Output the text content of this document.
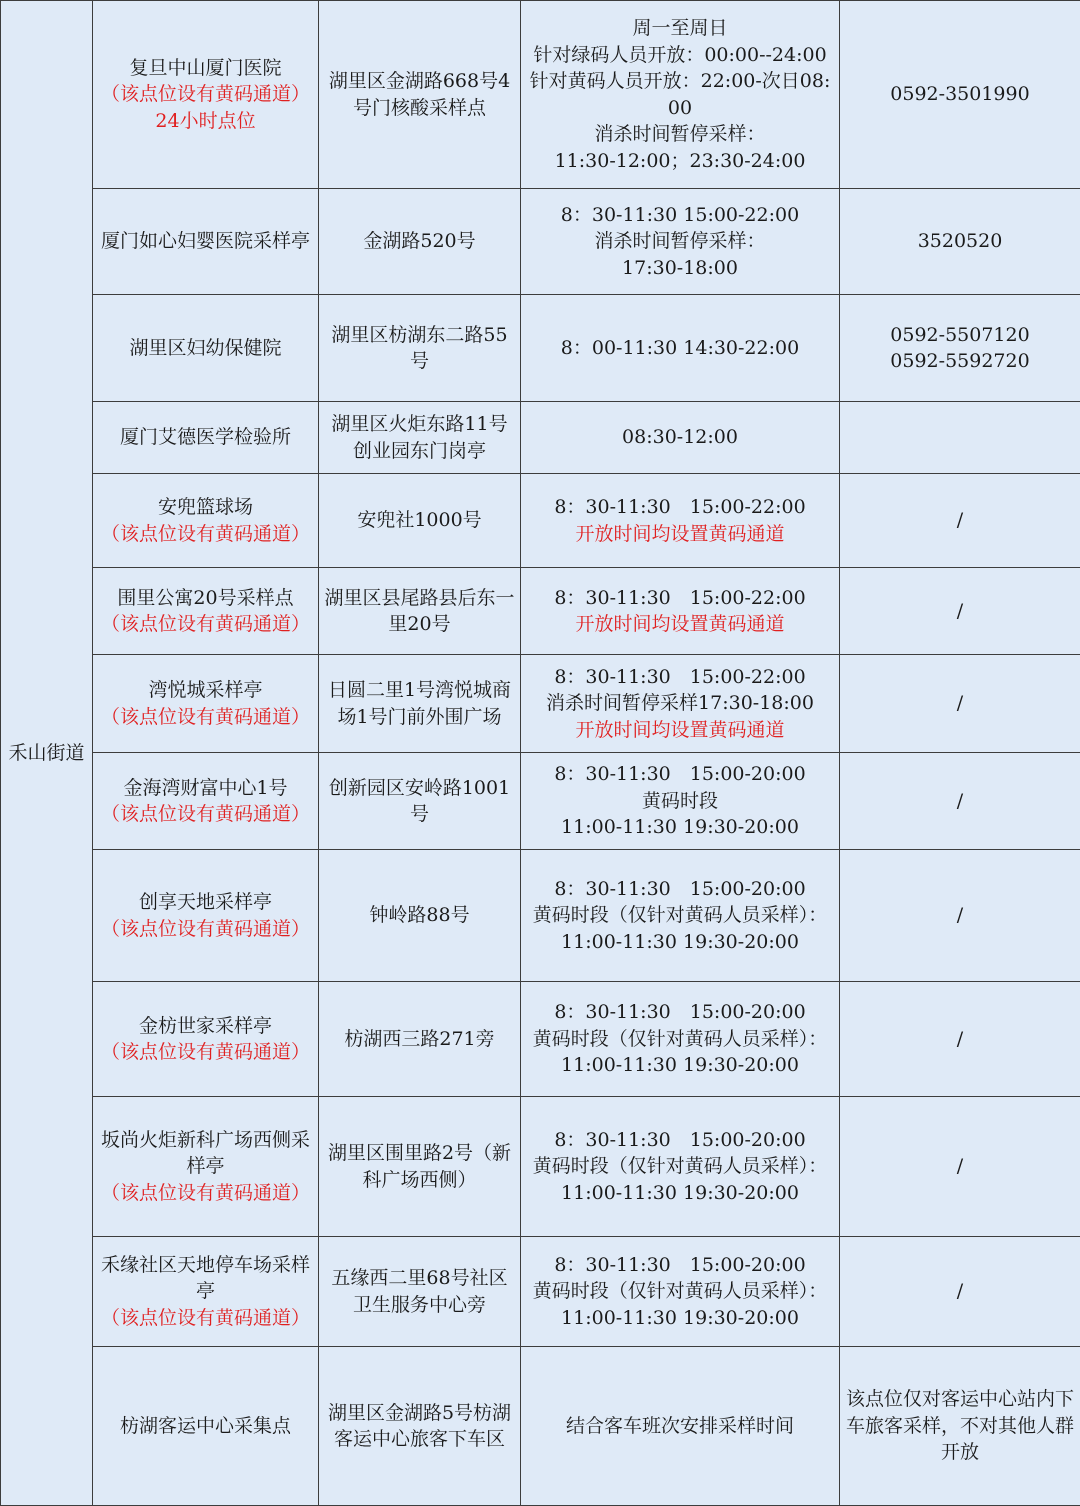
禾山街道	复旦中山厦门医院
（该点位设有黄码通道）
24小时点位	湖里区金湖路668号4号门核酸采样点	周一至周日
针对绿码人员开放：00:00--24:00
针对黄码人员开放：22:00-次日08:00
消杀时间暂停采样：
11:30-12:00；23:30-24:00	0592-3501990

	厦门如心妇婴医院采样亭	金湖路520号	8：30-11:30 15:00-22:00
消杀时间暂停采样：
17:30-18:00	3520520

	湖里区妇幼保健院	湖里区枋湖东二路55号	8：00-11:30 14:30-22:00	0592-5507120
0592-5592720

	厦门艾德医学检验所	湖里区火炬东路11号创业园东门岗亭	08:30-12:00	

	安兜篮球场
（该点位设有黄码通道）	安兜社1000号	8：30-11:30　15:00-22:00
开放时间均设置黄码通道	/

	围里公寓20号采样点
（该点位设有黄码通道）	湖里区县尾路县后东一里20号	8：30-11:30　15:00-22:00
开放时间均设置黄码通道	/

	湾悦城采样亭
（该点位设有黄码通道）	日圆二里1号湾悦城商场1号门前外围广场	8：30-11:30　15:00-22:00
消杀时间暂停采样17:30-18:00
开放时间均设置黄码通道	/

	金海湾财富中心1号
（该点位设有黄码通道）	创新园区安岭路1001号	8：30-11:30　15:00-20:00
黄码时段
11:00-11:30 19:30-20:00	/

	创享天地采样亭
（该点位设有黄码通道）	钟岭路88号	8：30-11:30　15:00-20:00
黄码时段（仅针对黄码人员采样）：
11:00-11:30 19:30-20:00	/

	金枋世家采样亭
（该点位设有黄码通道）	枋湖西三路271旁	8：30-11:30　15:00-20:00
黄码时段（仅针对黄码人员采样）：
11:00-11:30 19:30-20:00	/

	坂尚火炬新科广场西侧采样亭
（该点位设有黄码通道）	湖里区围里路2号（新科广场西侧）	8：30-11:30　15:00-20:00
黄码时段（仅针对黄码人员采样）：
11:00-11:30 19:30-20:00	/

	禾缘社区天地停车场采样亭
（该点位设有黄码通道）	五缘西二里68号社区卫生服务中心旁	8：30-11:30　15:00-20:00
黄码时段（仅针对黄码人员采样）：
11:00-11:30 19:30-20:00	/

	枋湖客运中心采集点	湖里区金湖路5号枋湖客运中心旅客下车区	结合客车班次安排采样时间	该点位仅对客运中心站内下车旅客采样，不对其他人群开放
